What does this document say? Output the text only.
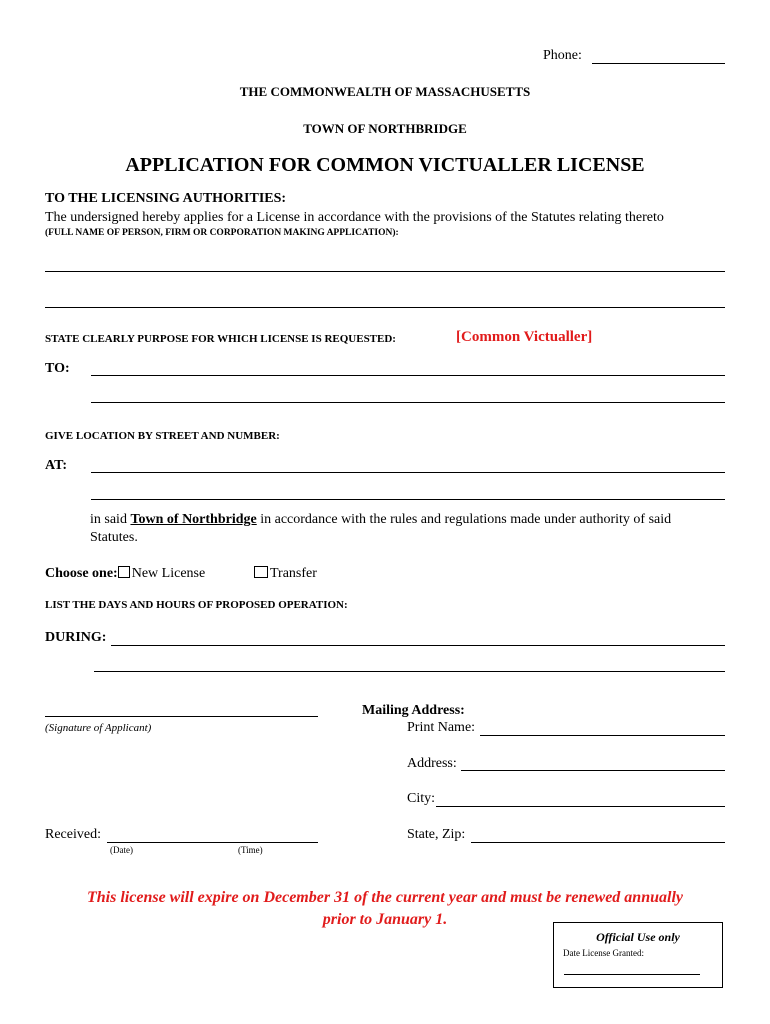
Phone:
THE COMMONWEALTH OF MASSACHUSETTS
TOWN OF NORTHBRIDGE
APPLICATION FOR COMMON VICTUALLER LICENSE
TO THE LICENSING AUTHORITIES:
The undersigned hereby applies for a License in accordance with the provisions of the Statutes relating thereto
(FULL NAME OF PERSON, FIRM OR CORPORATION MAKING APPLICATION):
STATE CLEARLY PURPOSE FOR WHICH LICENSE IS REQUESTED:	[Common Victualler]
TO:
GIVE LOCATION BY STREET AND NUMBER:
AT:
in said Town of Northbridge in accordance with the rules and regulations made under authority of said
Statutes.
Choose one: New License	Transfer
LIST THE DAYS AND HOURS OF PROPOSED OPERATION:
DURING:
(Signature of Applicant)
Mailing Address:
Print Name:
Address:
City:
State, Zip:
Received:
(Date)	(Time)
This license will expire on December 31 of the current year and must be renewed annually
prior to January 1.
Official Use only
Date License Granted:
